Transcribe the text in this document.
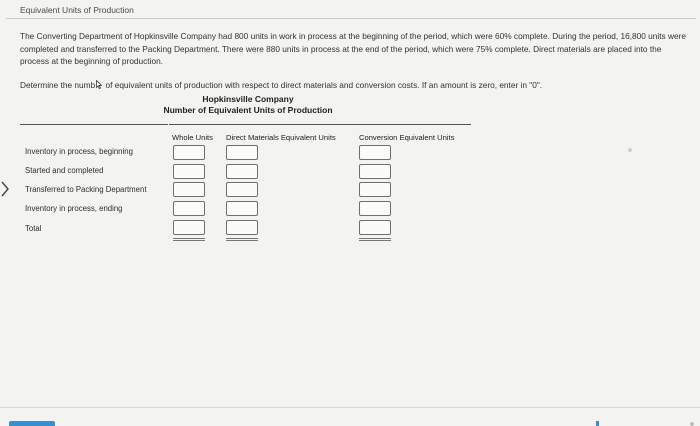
Equivalent Units of Production
The Converting Department of Hopkinsville Company had 800 units in work in process at the beginning of the period, which were 60% complete. During the period, 16,800 units were completed and transferred to the Packing Department. There were 880 units in process at the end of the period, which were 75% complete. Direct materials are placed into the process at the beginning of production.
Determine the numb of equivalent units of production with respect to direct materials and conversion costs. If an amount is zero, enter in "0".
Hopkinsville Company
Number of Equivalent Units of Production
Whole Units Direct Materials Equivalent Units	Conversion Equivalent Units
Inventory in process, beginning
Started and completed
Transferred to Packing Department
Inventory in process, ending
Total
